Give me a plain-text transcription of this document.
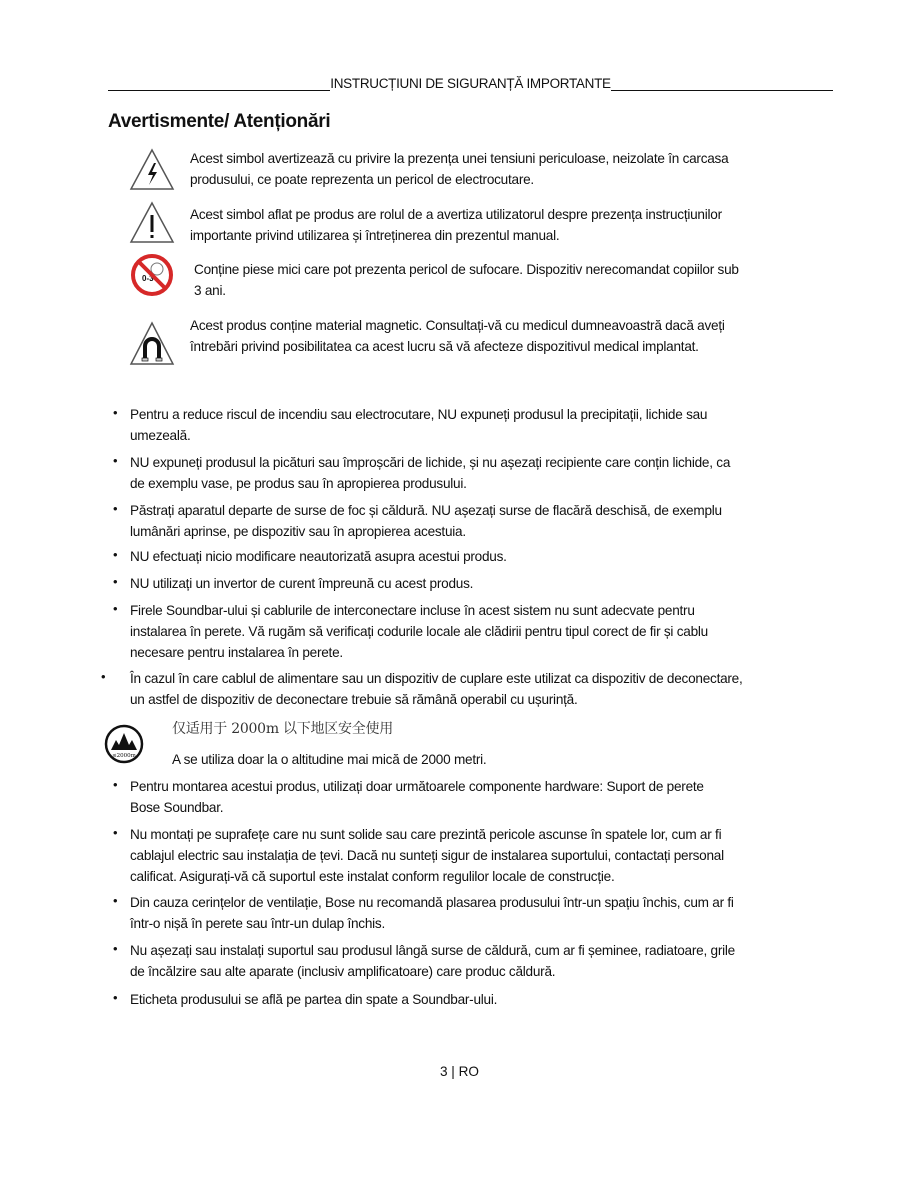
INSTRUCȚIUNI DE SIGURANȚĂ IMPORTANTE
Avertismente/ Atenționări
Acest simbol avertizează cu privire la prezența unei tensiuni periculoase, neizolate în carcasa
produsului, ce poate reprezenta un pericol de electrocutare.
Acest simbol aflat pe produs are rolul de a avertiza utilizatorul despre prezența instrucțiunilor
importante privind utilizarea și întreținerea din prezentul manual.
0-3
Conține piese mici care pot prezenta pericol de sufocare. Dispozitiv nerecomandat copiilor sub
3 ani.
Acest produs conține material magnetic. Consultați-vă cu medicul dumneavoastră dacă aveți
întrebări privind posibilitatea ca acest lucru să vă afecteze dispozitivul medical implantat.
• Pentru a reduce riscul de incendiu sau electrocutare, NU expuneți produsul la precipitații, lichide sau
umezeală.
• NU expuneți produsul la picături sau împroșcări de lichide, și nu așezați recipiente care conțin lichide, ca
de exemplu vase, pe produs sau în apropierea produsului.
• Păstrați aparatul departe de surse de foc și căldură. NU așezați surse de flacără deschisă, de exemplu
lumânări aprinse, pe dispozitiv sau în apropierea acestuia.
• NU efectuați nicio modificare neautorizată asupra acestui produs.
• NU utilizați un invertor de curent împreună cu acest produs.
• Firele Soundbar-ului și cablurile de interconectare incluse în acest sistem nu sunt adecvate pentru
instalarea în perete. Vă rugăm să verificați codurile locale ale clădirii pentru tipul corect de fir și cablu
necesare pentru instalarea în perete.
• În cazul în care cablul de alimentare sau un dispozitiv de cuplare este utilizat ca dispozitiv de deconectare,
un astfel de dispozitiv de deconectare trebuie să rămână operabil cu ușurință.
≤2000m
仅适用于 2000m 以下地区安全使用
A se utiliza doar la o altitudine mai mică de 2000 metri.
• Pentru montarea acestui produs, utilizați doar următoarele componente hardware: Suport de perete
Bose Soundbar.
• Nu montați pe suprafețe care nu sunt solide sau care prezintă pericole ascunse în spatele lor, cum ar fi
cablajul electric sau instalația de țevi. Dacă nu sunteți sigur de instalarea suportului, contactați personal
calificat. Asigurați-vă că suportul este instalat conform regulilor locale de construcție.
• Din cauza cerințelor de ventilație, Bose nu recomandă plasarea produsului într-un spațiu închis, cum ar fi
într-o nișă în perete sau într-un dulap închis.
• Nu așezați sau instalați suportul sau produsul lângă surse de căldură, cum ar fi șeminee, radiatoare, grile
de încălzire sau alte aparate (inclusiv amplificatoare) care produc căldură.
• Eticheta produsului se află pe partea din spate a Soundbar-ului.
3 | RO
